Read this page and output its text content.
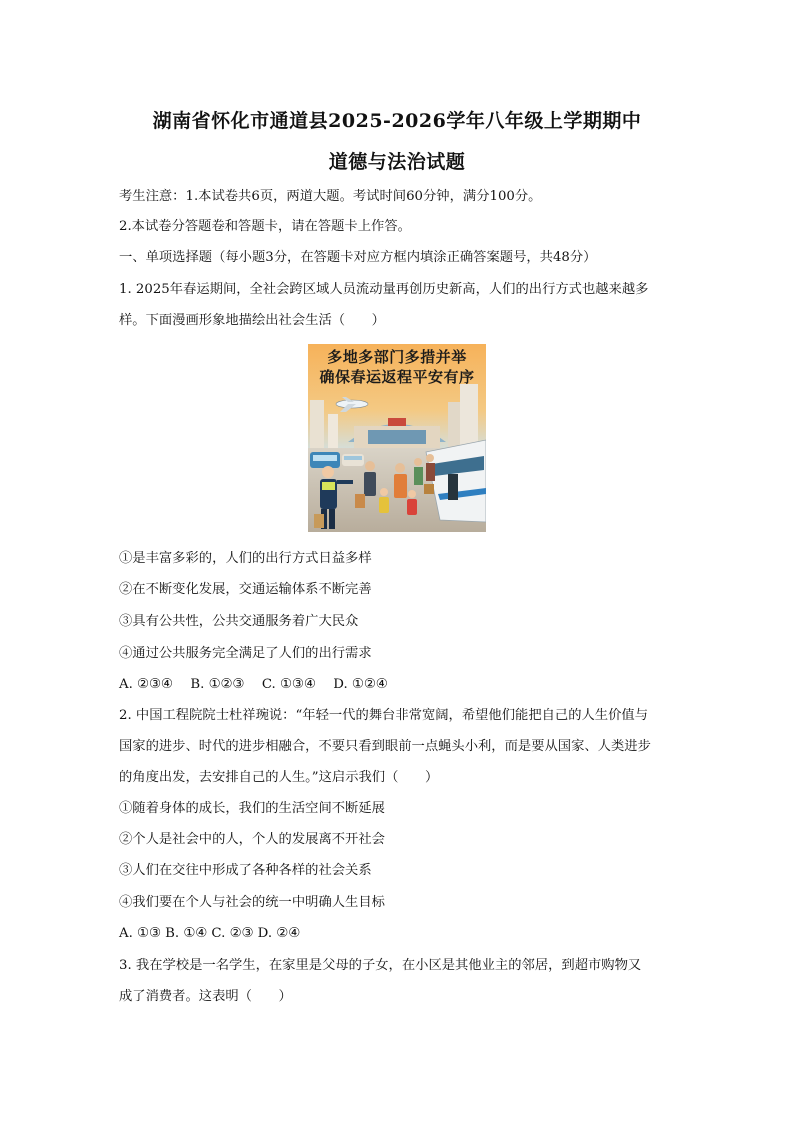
湖南省怀化市通道县2025-2026学年八年级上学期期中
道德与法治试题
考生注意：1.本试卷共6页，两道大题。考试时间60分钟，满分100分。
2.本试卷分答题卷和答题卡，请在答题卡上作答。
一、单项选择题（每小题3分，在答题卡对应方框内填涂正确答案题号，共48分）
1. 2025年春运期间，全社会跨区域人员流动量再创历史新高，人们的出行方式也越来越多
样。下面漫画形象地描绘出社会生活（　　）
多地多部门多措并举
确保春运返程平安有序
①是丰富多彩的，人们的出行方式日益多样
②在不断变化发展，交通运输体系不断完善
③具有公共性，公共交通服务着广大民众
④通过公共服务完全满足了人们的出行需求
A. ②③④　 B. ①②③　 C. ①③④　 D. ①②④
2. 中国工程院院士杜祥琬说：“年轻一代的舞台非常宽阔，希望他们能把自己的人生价值与
国家的进步、时代的进步相融合，不要只看到眼前一点蝇头小利，而是要从国家、人类进步
的角度出发，去安排自己的人生。”这启示我们（　　）
①随着身体的成长，我们的生活空间不断延展
②个人是社会中的人，个人的发展离不开社会
③人们在交往中形成了各种各样的社会关系
④我们要在个人与社会的统一中明确人生目标
A. ①③ B. ①④ C. ②③ D. ②④
3. 我在学校是一名学生，在家里是父母的子女，在小区是其他业主的邻居，到超市购物又
成了消费者。这表明（　　）
